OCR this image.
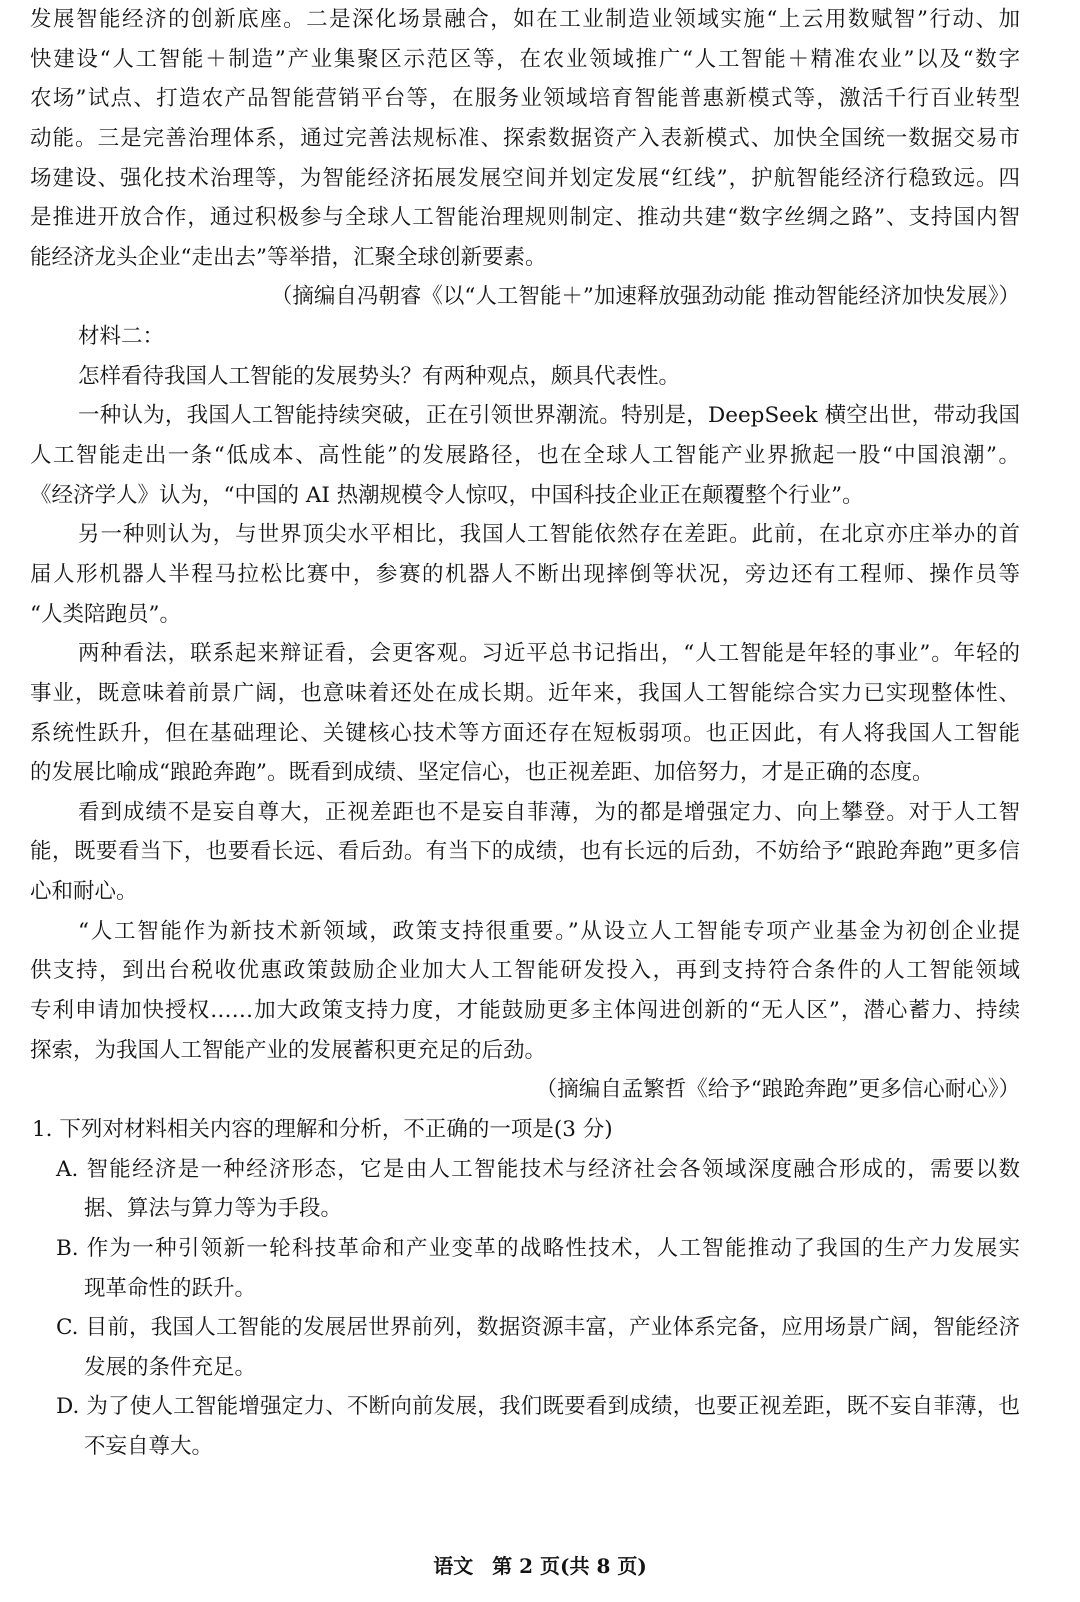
发展智能经济的创新底座。二是深化场景融合，如在工业制造业领域实施“上云用数赋智”行动、加
快建设“人工智能＋制造”产业集聚区示范区等，在农业领域推广“人工智能＋精准农业”以及“数字
农场”试点、打造农产品智能营销平台等，在服务业领域培育智能普惠新模式等，激活千行百业转型
动能。三是完善治理体系，通过完善法规标准、探索数据资产入表新模式、加快全国统一数据交易市
场建设、强化技术治理等，为智能经济拓展发展空间并划定发展“红线”，护航智能经济行稳致远。四
是推进开放合作，通过积极参与全球人工智能治理规则制定、推动共建“数字丝绸之路”、支持国内智
能经济龙头企业“走出去”等举措，汇聚全球创新要素。
（摘编自冯朝睿《以“人工智能＋”加速释放强劲动能 推动智能经济加快发展》）
材料二：
怎样看待我国人工智能的发展势头？有两种观点，颇具代表性。
一种认为，我国人工智能持续突破，正在引领世界潮流。特别是，DeepSeek 横空出世，带动我国
人工智能走出一条“低成本、高性能”的发展路径，也在全球人工智能产业界掀起一股“中国浪潮”。
《经济学人》认为，“中国的 AI 热潮规模令人惊叹，中国科技企业正在颠覆整个行业”。
另一种则认为，与世界顶尖水平相比，我国人工智能依然存在差距。此前，在北京亦庄举办的首
届人形机器人半程马拉松比赛中，参赛的机器人不断出现摔倒等状况，旁边还有工程师、操作员等
“人类陪跑员”。
两种看法，联系起来辩证看，会更客观。习近平总书记指出，“人工智能是年轻的事业”。年轻的
事业，既意味着前景广阔，也意味着还处在成长期。近年来，我国人工智能综合实力已实现整体性、
系统性跃升，但在基础理论、关键核心技术等方面还存在短板弱项。也正因此，有人将我国人工智能
的发展比喻成“踉跄奔跑”。既看到成绩、坚定信心，也正视差距、加倍努力，才是正确的态度。
看到成绩不是妄自尊大，正视差距也不是妄自菲薄，为的都是增强定力、向上攀登。对于人工智
能，既要看当下，也要看长远、看后劲。有当下的成绩，也有长远的后劲，不妨给予“踉跄奔跑”更多信
心和耐心。
“人工智能作为新技术新领域，政策支持很重要。”从设立人工智能专项产业基金为初创企业提
供支持，到出台税收优惠政策鼓励企业加大人工智能研发投入，再到支持符合条件的人工智能领域
专利申请加快授权……加大政策支持力度，才能鼓励更多主体闯进创新的“无人区”，潜心蓄力、持续
探索，为我国人工智能产业的发展蓄积更充足的后劲。
（摘编自孟繁哲《给予“踉跄奔跑”更多信心耐心》）
1. 下列对材料相关内容的理解和分析，不正确的一项是(3 分)
A. 智能经济是一种经济形态，它是由人工智能技术与经济社会各领域深度融合形成的，需要以数
据、算法与算力等为手段。
B. 作为一种引领新一轮科技革命和产业变革的战略性技术，人工智能推动了我国的生产力发展实
现革命性的跃升。
C. 目前，我国人工智能的发展居世界前列，数据资源丰富，产业体系完备，应用场景广阔，智能经济
发展的条件充足。
D. 为了使人工智能增强定力、不断向前发展，我们既要看到成绩，也要正视差距，既不妄自菲薄，也
不妄自尊大。
语文 第 2 页(共 8 页)
